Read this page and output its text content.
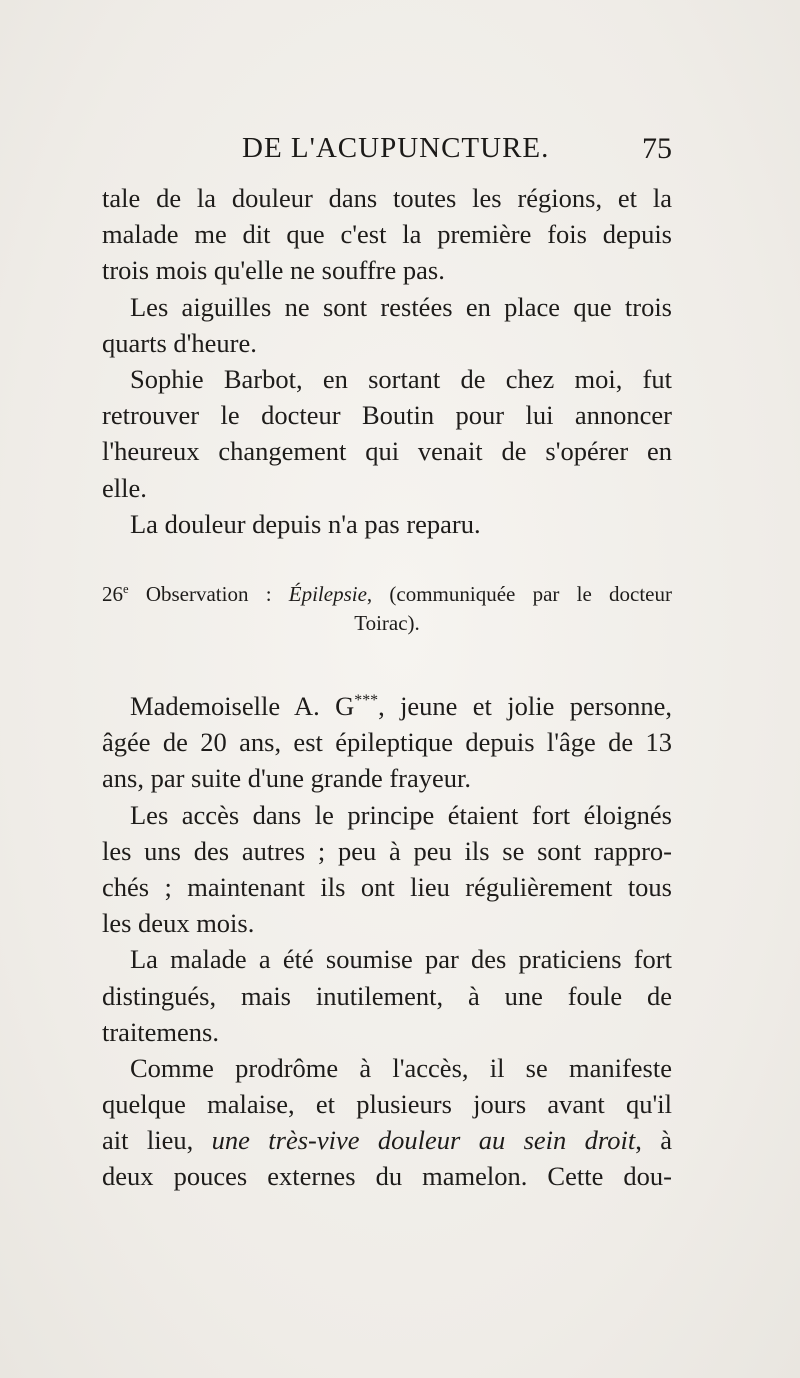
DE L'ACUPUNCTURE.	75
tale de la douleur dans toutes les régions, et la
malade me dit que c'est la première fois depuis
trois mois qu'elle ne souffre pas.
Les aiguilles ne sont restées en place que trois
quarts d'heure.
Sophie Barbot, en sortant de chez moi, fut
retrouver le docteur Boutin pour lui annoncer
l'heureux changement qui venait de s'opérer en
elle.
La douleur depuis n'a pas reparu.
26e Observation : Épilepsie, (communiquée par le docteur
Toirac).
Mademoiselle A. G***, jeune et jolie personne,
âgée de 20 ans, est épileptique depuis l'âge de 13
ans, par suite d'une grande frayeur.
Les accès dans le principe étaient fort éloignés
les uns des autres ; peu à peu ils se sont rappro-
chés ; maintenant ils ont lieu régulièrement tous
les deux mois.
La malade a été soumise par des praticiens fort
distingués, mais inutilement, à une foule de
traitemens.
Comme prodrôme à l'accès, il se manifeste
quelque malaise, et plusieurs jours avant qu'il
ait lieu, une très-vive douleur au sein droit, à
deux pouces externes du mamelon. Cette dou-
